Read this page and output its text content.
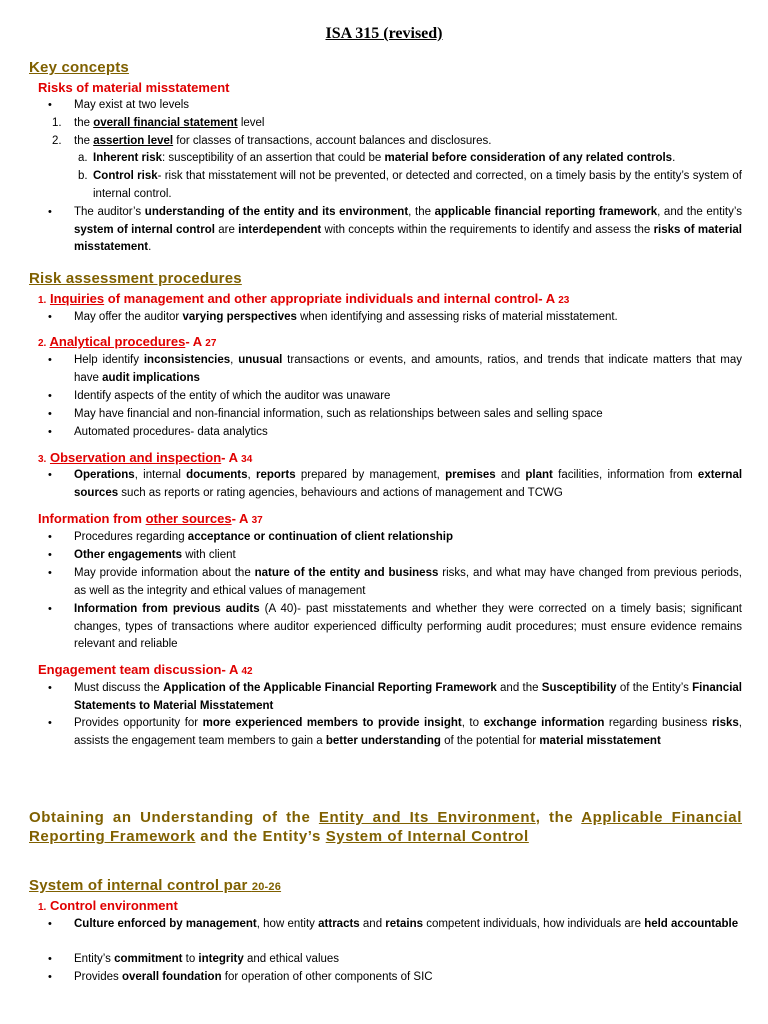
ISA 315 (revised)
Key concepts
Risks of material misstatement
• May exist at two levels
1. the overall financial statement level
2. the assertion level for classes of transactions, account balances and disclosures.
a. Inherent risk: susceptibility of an assertion that could be material before consideration of any related controls.
b. Control risk- risk that misstatement will not be prevented, or detected and corrected, on a timely basis by the entity’s system of internal control.
• The auditor’s understanding of the entity and its environment, the applicable financial reporting framework, and the entity’s system of internal control are interdependent with concepts within the requirements to identify and assess the risks of material misstatement.
Risk assessment procedures
1. Inquiries of management and other appropriate individuals and internal control- A 23
• May offer the auditor varying perspectives when identifying and assessing risks of material misstatement.
2. Analytical procedures- A 27
• Help identify inconsistencies, unusual transactions or events, and amounts, ratios, and trends that indicate matters that may have audit implications
• Identify aspects of the entity of which the auditor was unaware
• May have financial and non-financial information, such as relationships between sales and selling space
• Automated procedures- data analytics
3. Observation and inspection- A 34
• Operations, internal documents, reports prepared by management, premises and plant facilities, information from external sources such as reports or rating agencies, behaviours and actions of management and TCWG
Information from other sources- A 37
• Procedures regarding acceptance or continuation of client relationship
• Other engagements with client
• May provide information about the nature of the entity and business risks, and what may have changed from previous periods, as well as the integrity and ethical values of management
• Information from previous audits (A 40)- past misstatements and whether they were corrected on a timely basis; significant changes, types of transactions where auditor experienced difficulty performing audit procedures; must ensure evidence remains relevant and reliable
Engagement team discussion- A 42
• Must discuss the Application of the Applicable Financial Reporting Framework and the Susceptibility of the Entity’s Financial Statements to Material Misstatement
• Provides opportunity for more experienced members to provide insight, to exchange information regarding business risks, assists the engagement team members to gain a better understanding of the potential for material misstatement
Obtaining an Understanding of the Entity and Its Environment, the Applicable Financial Reporting Framework and the Entity’s System of Internal Control
System of internal control par 20-26
1. Control environment
• Culture enforced by management, how entity attracts and retains competent individuals, how individuals are held accountable
• Entity’s commitment to integrity and ethical values
• Provides overall foundation for operation of other components of SIC
